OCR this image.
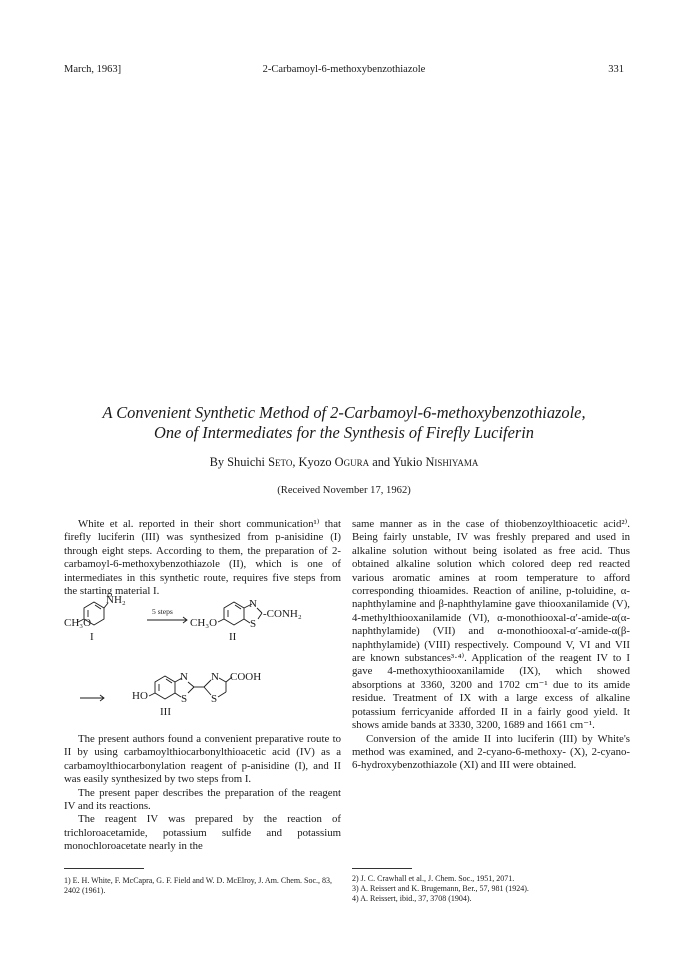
March, 1963]	2-Carbamoyl-6-methoxybenzothiazole	331
A Convenient Synthetic Method of 2-Carbamoyl-6-methoxybenzothiazole,
One of Intermediates for the Synthesis of Firefly Luciferin
By Shuichi Seto, Kyozo Ogura and Yukio Nishiyama
(Received November 17, 1962)

White et al. reported in their short communication¹⁾ that firefly luciferin (III) was synthesized from p-anisidine (I) through eight steps. According to them, the preparation of 2-carbamoyl-6-methoxybenzothiazole (II), which is one of intermediates in this synthetic route, requires five steps from the starting material I.

NH₂
CH₃O
I
5 steps
CH₃O
N
S
-CONH₂
II
HO
N
S
N
S
COOH
III

The present authors found a convenient preparative route to II by using carbamoylthiocarbonylthioacetic acid (IV) as a carbamoylthiocarbonylation reagent of p-anisidine (I), and II was easily synthesized by two steps from I.

The present paper describes the preparation of the reagent IV and its reactions.

The reagent IV was prepared by the reaction of trichloroacetamide, potassium sulfide and potassium monochloroacetate nearly in the

same manner as in the case of thiobenzoylthioacetic acid²⁾. Being fairly unstable, IV was freshly prepared and used in alkaline solution without being isolated as free acid. Thus obtained alkaline solution which colored deep red reacted various aromatic amines at room temperature to afford corresponding thioamides. Reaction of aniline, p-toluidine, α-naphthylamine and β-naphthylamine gave thiooxanilamide (V), 4-methylthiooxanilamide (VI), α-monothiooxal-α′-amide-α(α-naphthylamide) (VII) and α-monothiooxal-α′-amide-α(β-naphthylamide) (VIII) respectively. Compound V, VI and VII are known substances³·⁴⁾. Application of the reagent IV to I gave 4-methoxythiooxanilamide (IX), which showed absorptions at 3360, 3200 and 1702 cm⁻¹ due to its amide residue. Treatment of IX with a large excess of alkaline potassium ferricyanide afforded II in a fairly good yield. It shows amide bands at 3330, 3200, 1689 and 1661 cm⁻¹.

Conversion of the amide II into luciferin (III) by White's method was examined, and 2-cyano-6-methoxy- (X), 2-cyano-6-hydroxybenzothiazole (XI) and III were obtained.

1) E. H. White, F. McCapra, G. F. Field and W. D. McElroy, J. Am. Chem. Soc., 83, 2402 (1961).

2) J. C. Crawhall et al., J. Chem. Soc., 1951, 2071.

3) A. Reissert and K. Brugemann, Ber., 57, 981 (1924).

4) A. Reissert, ibid., 37, 3708 (1904).
